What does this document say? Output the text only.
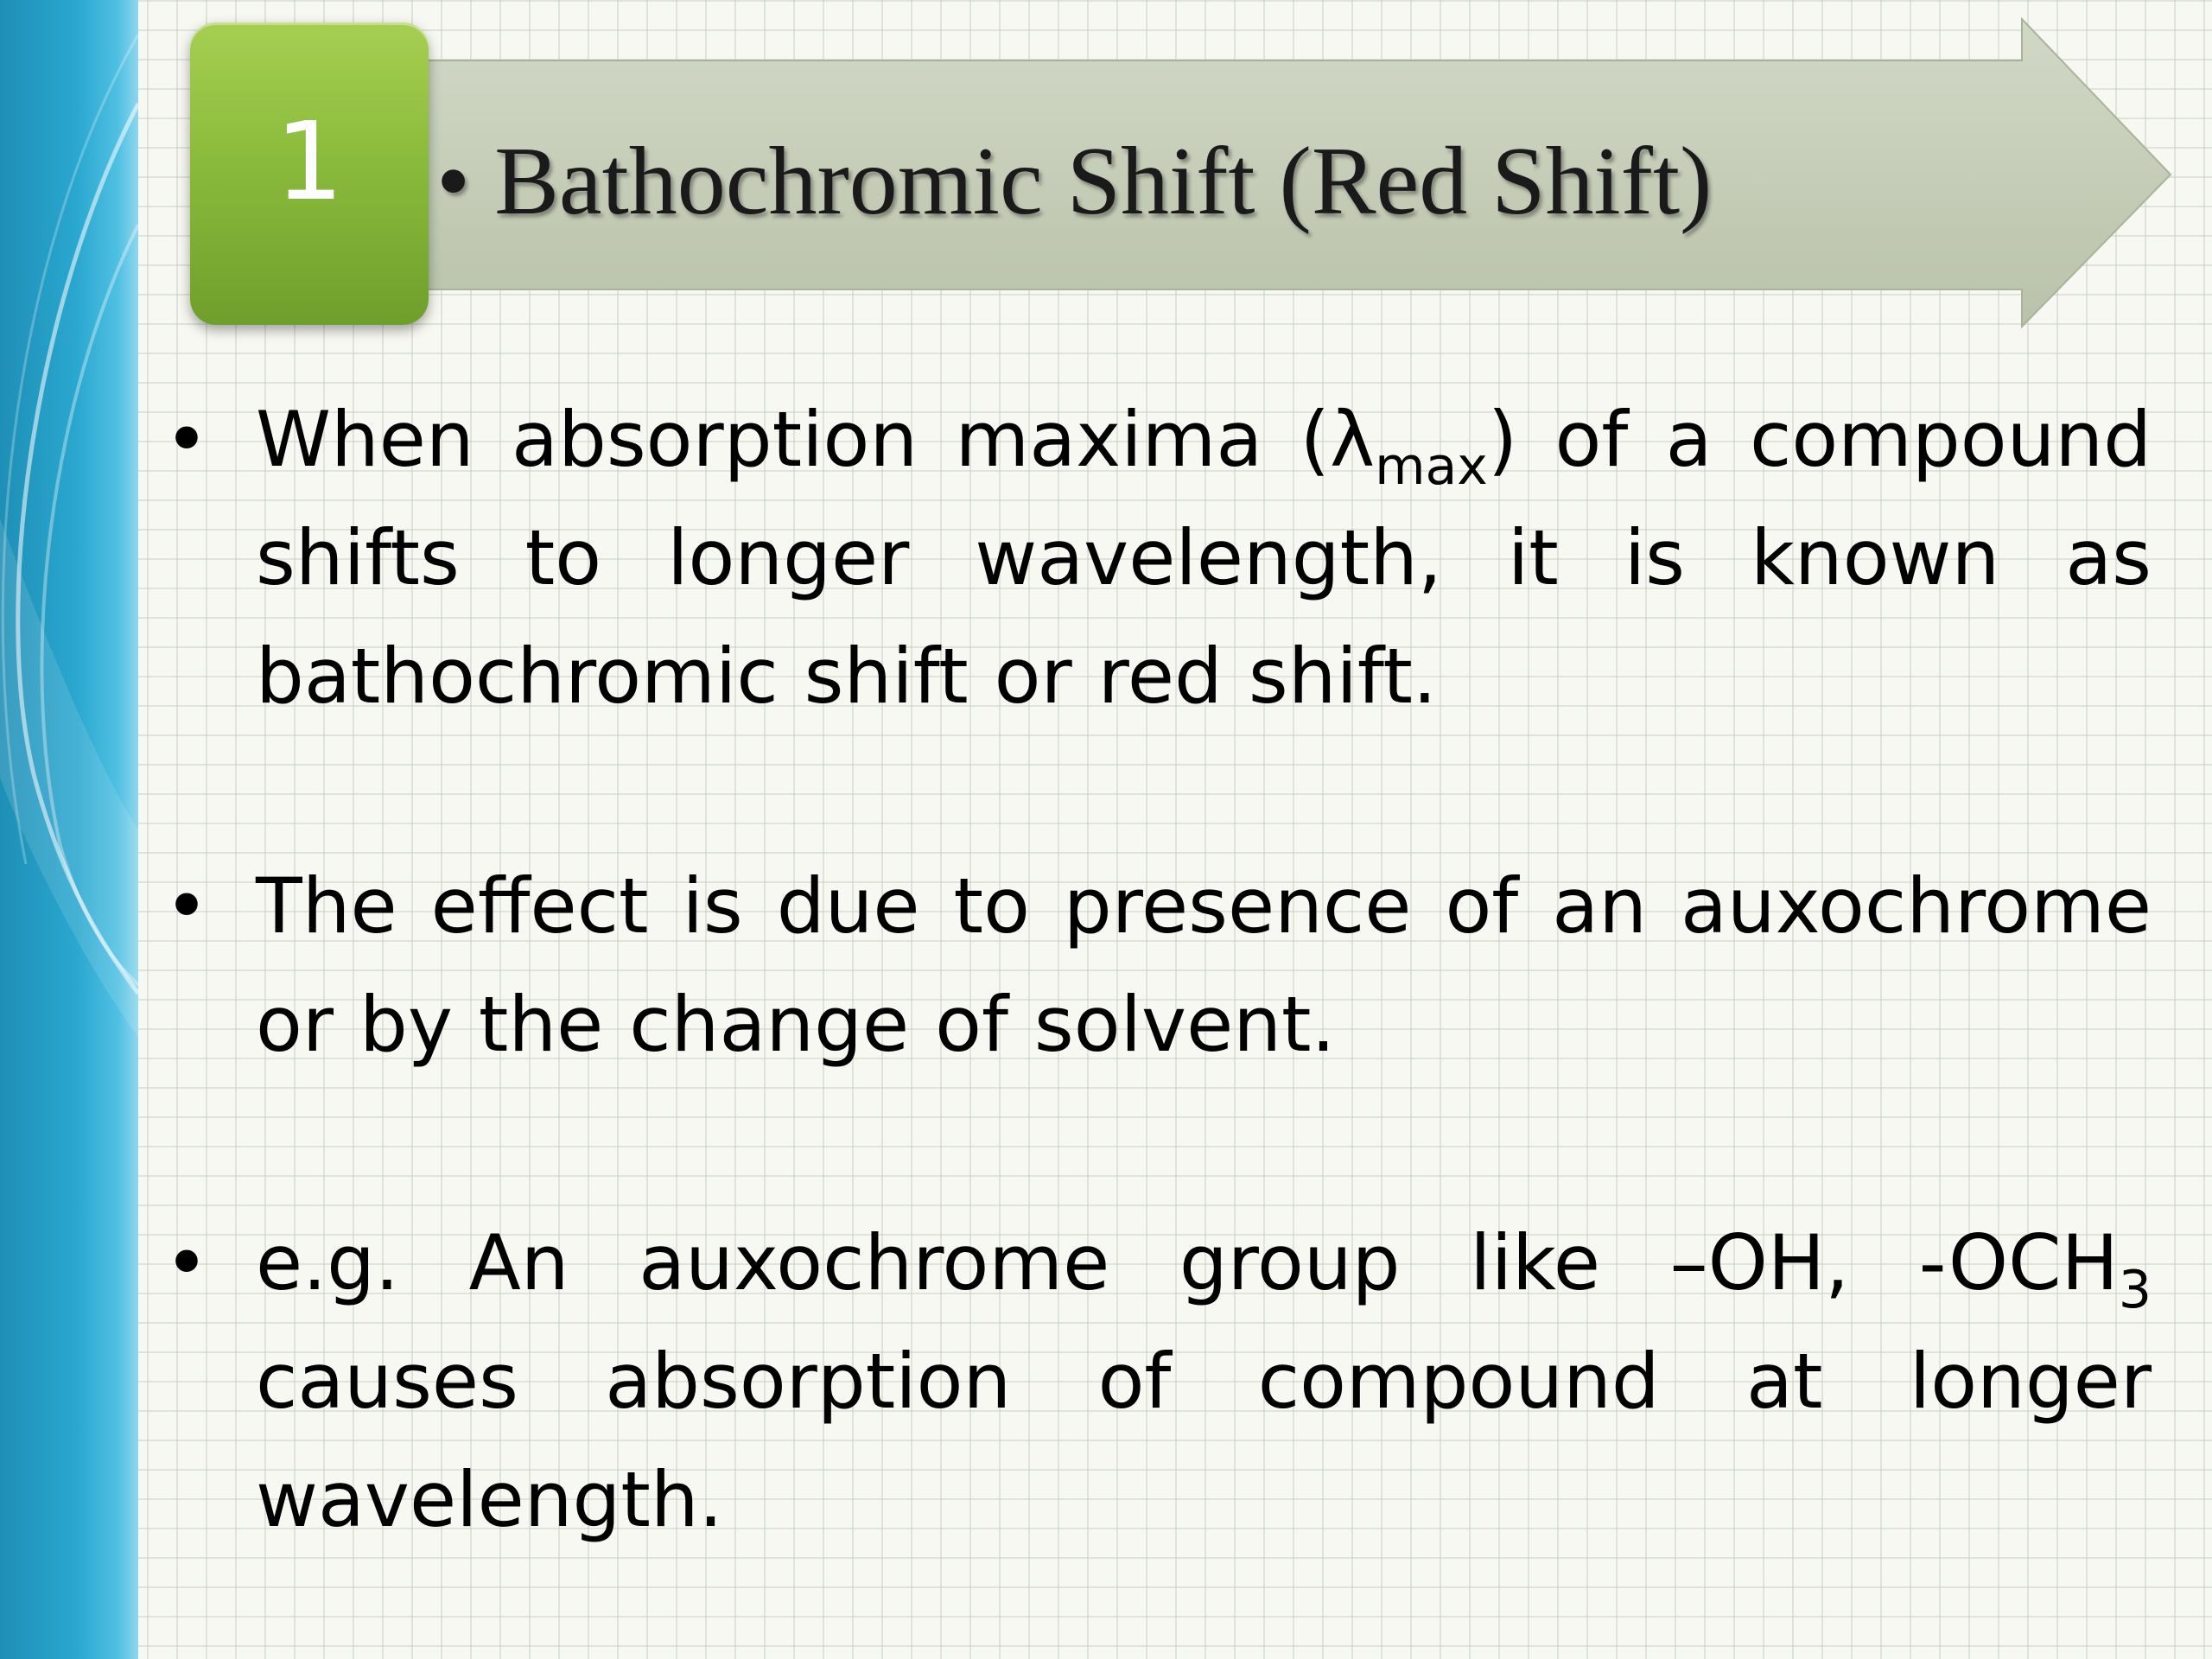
1 • Bathochromic Shift (Red Shift)
• When absorption maxima $(\lambda_{max})$ of a compound shifts to longer wavelength, it is known as bathochromic shift or red shift.
• The effect is due to presence of an auxochrome or by the change of solvent.
• e.g. An auxochrome group like –OH, $-OCH_3$ causes absorption of compound at longer wavelength.
